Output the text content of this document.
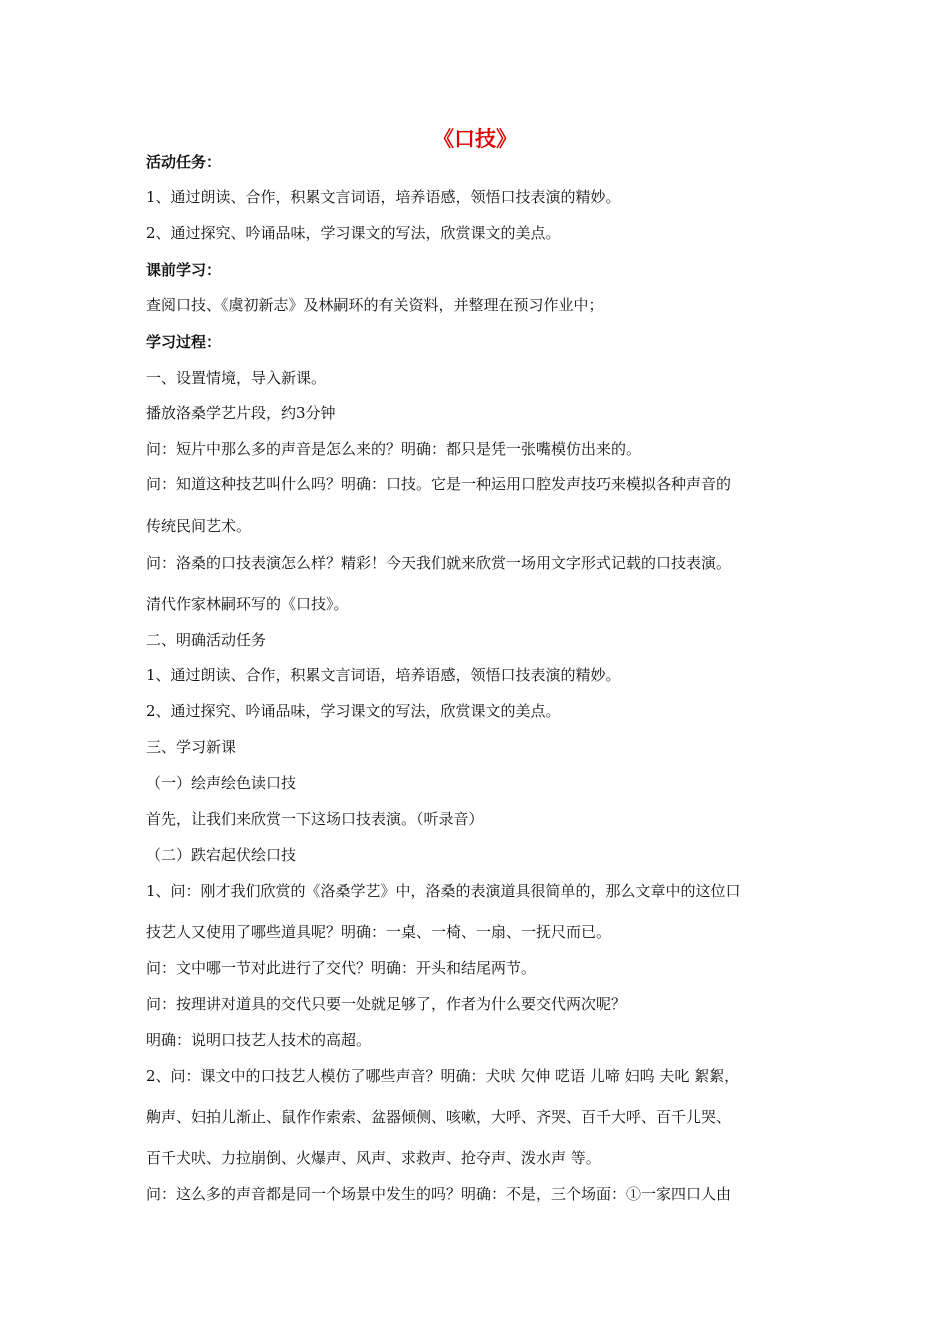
《口技》
活动任务：
1、通过朗读、合作，积累文言词语，培养语感，领悟口技表演的精妙。
2、通过探究、吟诵品味，学习课文的写法，欣赏课文的美点。
课前学习：
查阅口技、《虞初新志》及林嗣环的有关资料，并整理在预习作业中；
学习过程：
一、设置情境，导入新课。
播放洛桑学艺片段，约3分钟
问：短片中那么多的声音是怎么来的？明确：都只是凭一张嘴模仿出来的。
问：知道这种技艺叫什么吗？明确：口技。它是一种运用口腔发声技巧来模拟各种声音的
传统民间艺术。
问：洛桑的口技表演怎么样？精彩！今天我们就来欣赏一场用文字形式记载的口技表演。
清代作家林嗣环写的《口技》。
二、明确活动任务
1、通过朗读、合作，积累文言词语，培养语感，领悟口技表演的精妙。
2、通过探究、吟诵品味，学习课文的写法，欣赏课文的美点。
三、学习新课
（一）绘声绘色读口技
首先，让我们来欣赏一下这场口技表演。（听录音）
（二）跌宕起伏绘口技
1、问：刚才我们欣赏的《洛桑学艺》中，洛桑的表演道具很简单的，那么文章中的这位口
技艺人又使用了哪些道具呢？明确：一桌、一椅、一扇、一抚尺而已。
问：文中哪一节对此进行了交代？明确：开头和结尾两节。
问：按理讲对道具的交代只要一处就足够了，作者为什么要交代两次呢？
明确：说明口技艺人技术的高超。
2、问：课文中的口技艺人模仿了哪些声音？明确：犬吠 欠伸 呓语 儿啼 妇呜 夫叱 絮絮，
齁声、妇拍儿渐止、鼠作作索索、盆器倾侧、咳嗽，大呼、齐哭、百千大呼、百千儿哭、
百千犬吠、力拉崩倒、火爆声、风声、求救声、抢夺声、泼水声 等。
问：这么多的声音都是同一个场景中发生的吗？明确：不是，三个场面：①一家四口人由
